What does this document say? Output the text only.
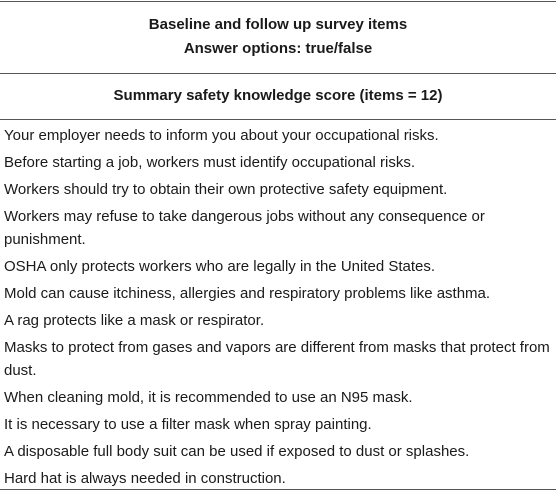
Baseline and follow up survey items
Answer options: true/false
Summary safety knowledge score (items = 12)
Your employer needs to inform you about your occupational risks.
Before starting a job, workers must identify occupational risks.
Workers should try to obtain their own protective safety equipment.
Workers may refuse to take dangerous jobs without any consequence or punishment.
OSHA only protects workers who are legally in the United States.
Mold can cause itchiness, allergies and respiratory problems like asthma.
A rag protects like a mask or respirator.
Masks to protect from gases and vapors are different from masks that protect from dust.
When cleaning mold, it is recommended to use an N95 mask.
It is necessary to use a filter mask when spray painting.
A disposable full body suit can be used if exposed to dust or splashes.
Hard hat is always needed in construction.
